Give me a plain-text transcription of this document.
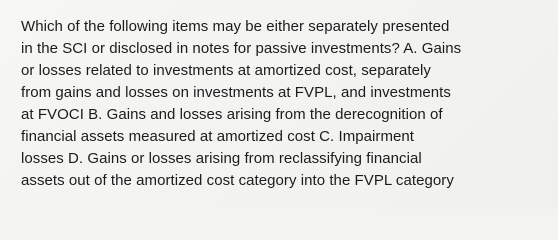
Which of the following items may be either separately presented
in the SCI or disclosed in notes for passive investments? A. Gains
or losses related to investments at amortized cost, separately
from gains and losses on investments at FVPL, and investments
at FVOCI B. Gains and losses arising from the derecognition of
financial assets measured at amortized cost C. Impairment
losses D. Gains or losses arising from reclassifying financial
assets out of the amortized cost category into the FVPL category
